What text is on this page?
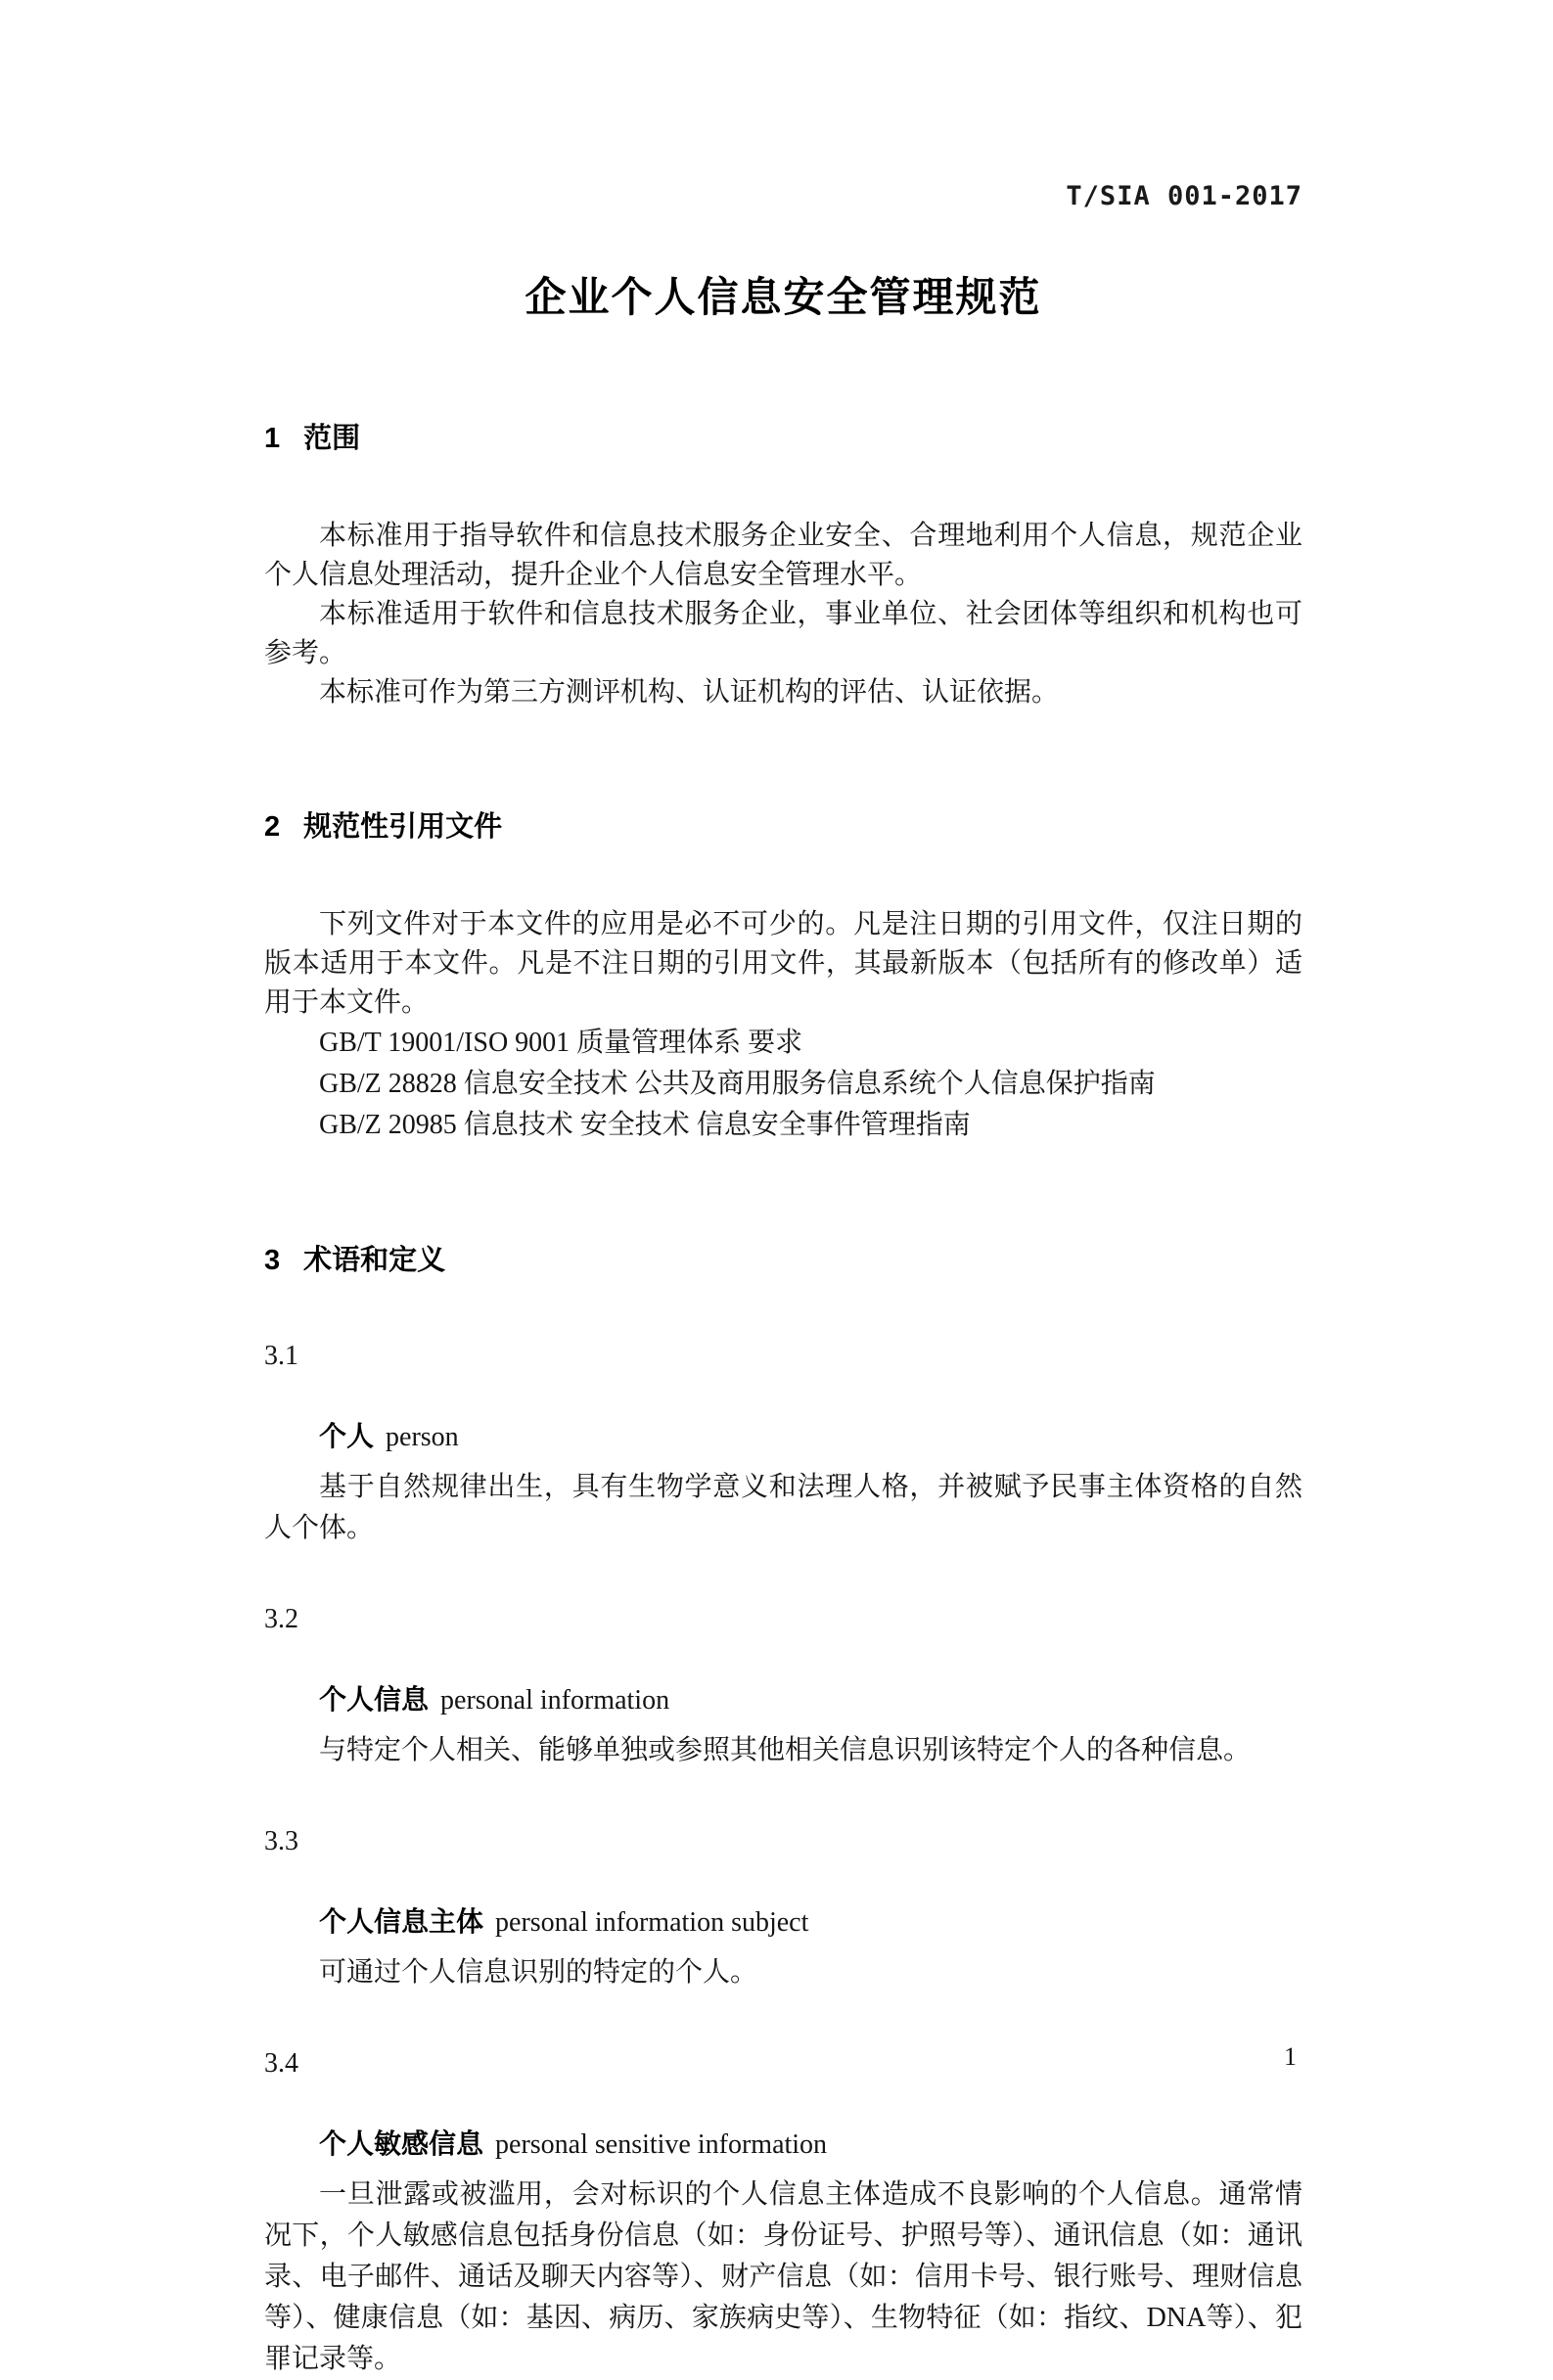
T/SIA 001-2017
企业个人信息安全管理规范
1 范围

本标准用于指导软件和信息技术服务企业安全、合理地利用个人信息，规范企业个人信息处理活动，提升企业个人信息安全管理水平。

本标准适用于软件和信息技术服务企业，事业单位、社会团体等组织和机构也可参考。

本标准可作为第三方测评机构、认证机构的评估、认证依据。

2 规范性引用文件

下列文件对于本文件的应用是必不可少的。凡是注日期的引用文件，仅注日期的版本适用于本文件。凡是不注日期的引用文件，其最新版本（包括所有的修改单）适用于本文件。

GB/T 19001/ISO 9001 质量管理体系 要求
GB/Z 28828 信息安全技术 公共及商用服务信息系统个人信息保护指南
GB/Z 20985 信息技术 安全技术 信息安全事件管理指南
3 术语和定义
3.1
个人 person

基于自然规律出生，具有生物学意义和法理人格，并被赋予民事主体资格的自然人个体。

3.2
个人信息 personal information

与特定个人相关、能够单独或参照其他相关信息识别该特定个人的各种信息。

3.3
个人信息主体 personal information subject

可通过个人信息识别的特定的个人。

3.4
个人敏感信息 personal sensitive information

一旦泄露或被滥用，会对标识的个人信息主体造成不良影响的个人信息。通常情况下，个人敏感信息包括身份信息（如：身份证号、护照号等）、通讯信息（如：通讯录、电子邮件、通话及聊天内容等）、财产信息（如：信用卡号、银行账号、理财信息等）、健康信息（如：基因、病历、家族病史等）、生物特征（如：指纹、DNA等）、犯罪记录等。

1
